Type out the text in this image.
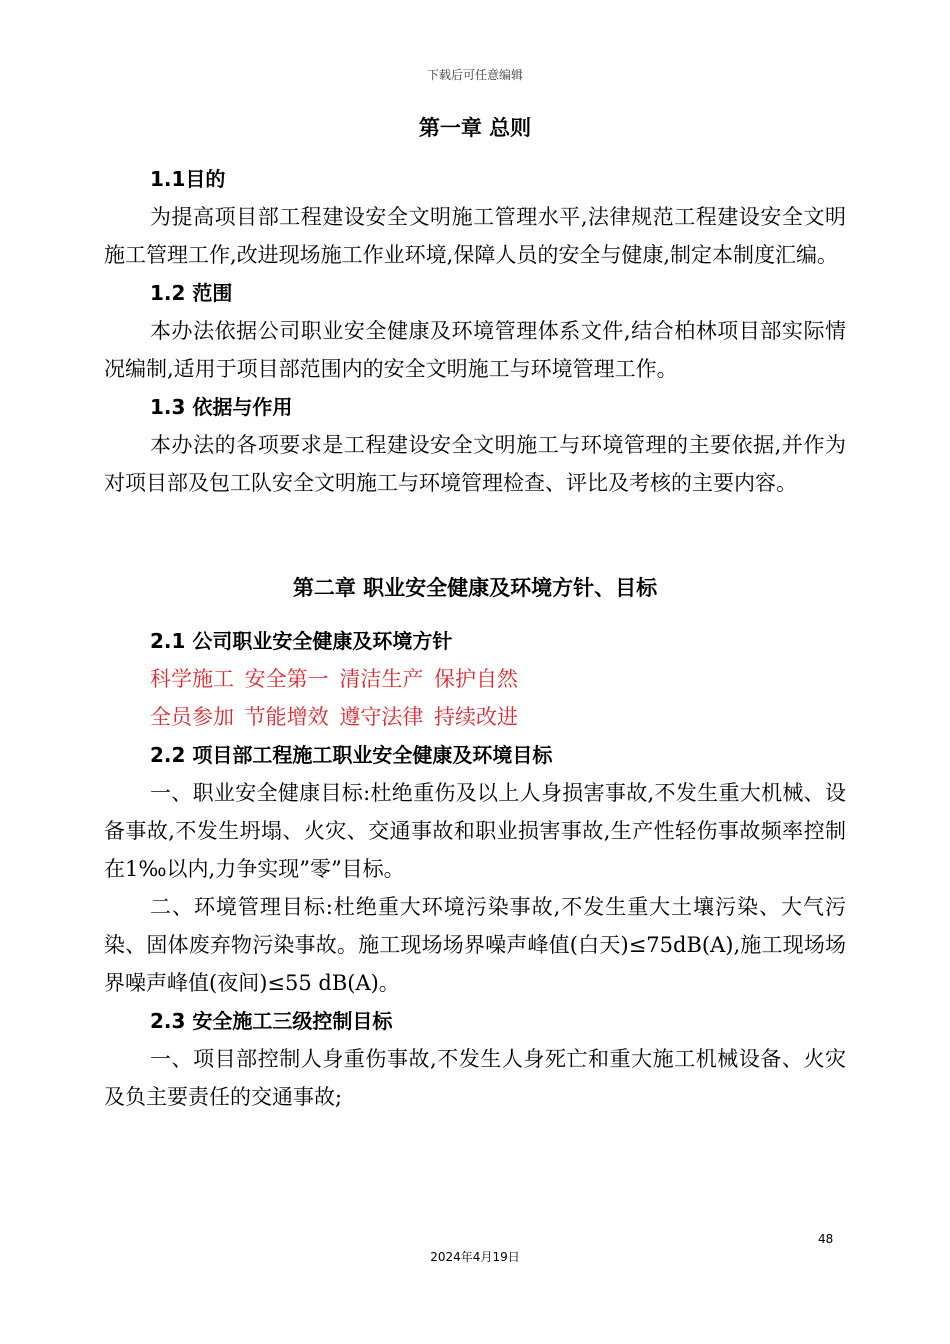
下载后可任意编辑
第一章 总则
1.1目的

为提高项目部工程建设安全文明施工管理水平,法律规范工程建设安全文明施工管理工作,改进现场施工作业环境,保障人员的安全与健康,制定本制度汇编。

1.2 范围

本办法依据公司职业安全健康及环境管理体系文件,结合柏林项目部实际情况编制,适用于项目部范围内的安全文明施工与环境管理工作。

1.3 依据与作用

本办法的各项要求是工程建设安全文明施工与环境管理的主要依据,并作为对项目部及包工队安全文明施工与环境管理检查、评比及考核的主要内容。

第二章 职业安全健康及环境方针、目标
2.1 公司职业安全健康及环境方针
科学施工 安全第一 清洁生产 保护自然
全员参加 节能增效 遵守法律 持续改进
2.2 项目部工程施工职业安全健康及环境目标

一、职业安全健康目标:杜绝重伤及以上人身损害事故,不发生重大机械、设备事故,不发生坍塌、火灾、交通事故和职业损害事故,生产性轻伤事故频率控制在1‰以内,力争实现”零”目标。

二、环境管理目标:杜绝重大环境污染事故,不发生重大土壤污染、大气污染、固体废弃物污染事故。施工现场场界噪声峰值(白天)≤75dB(A),施工现场场界噪声峰值(夜间)≤55 dB(A)。

2.3 安全施工三级控制目标

一、项目部控制人身重伤事故,不发生人身死亡和重大施工机械设备、火灾及负主要责任的交通事故;

48
2024年4月19日
